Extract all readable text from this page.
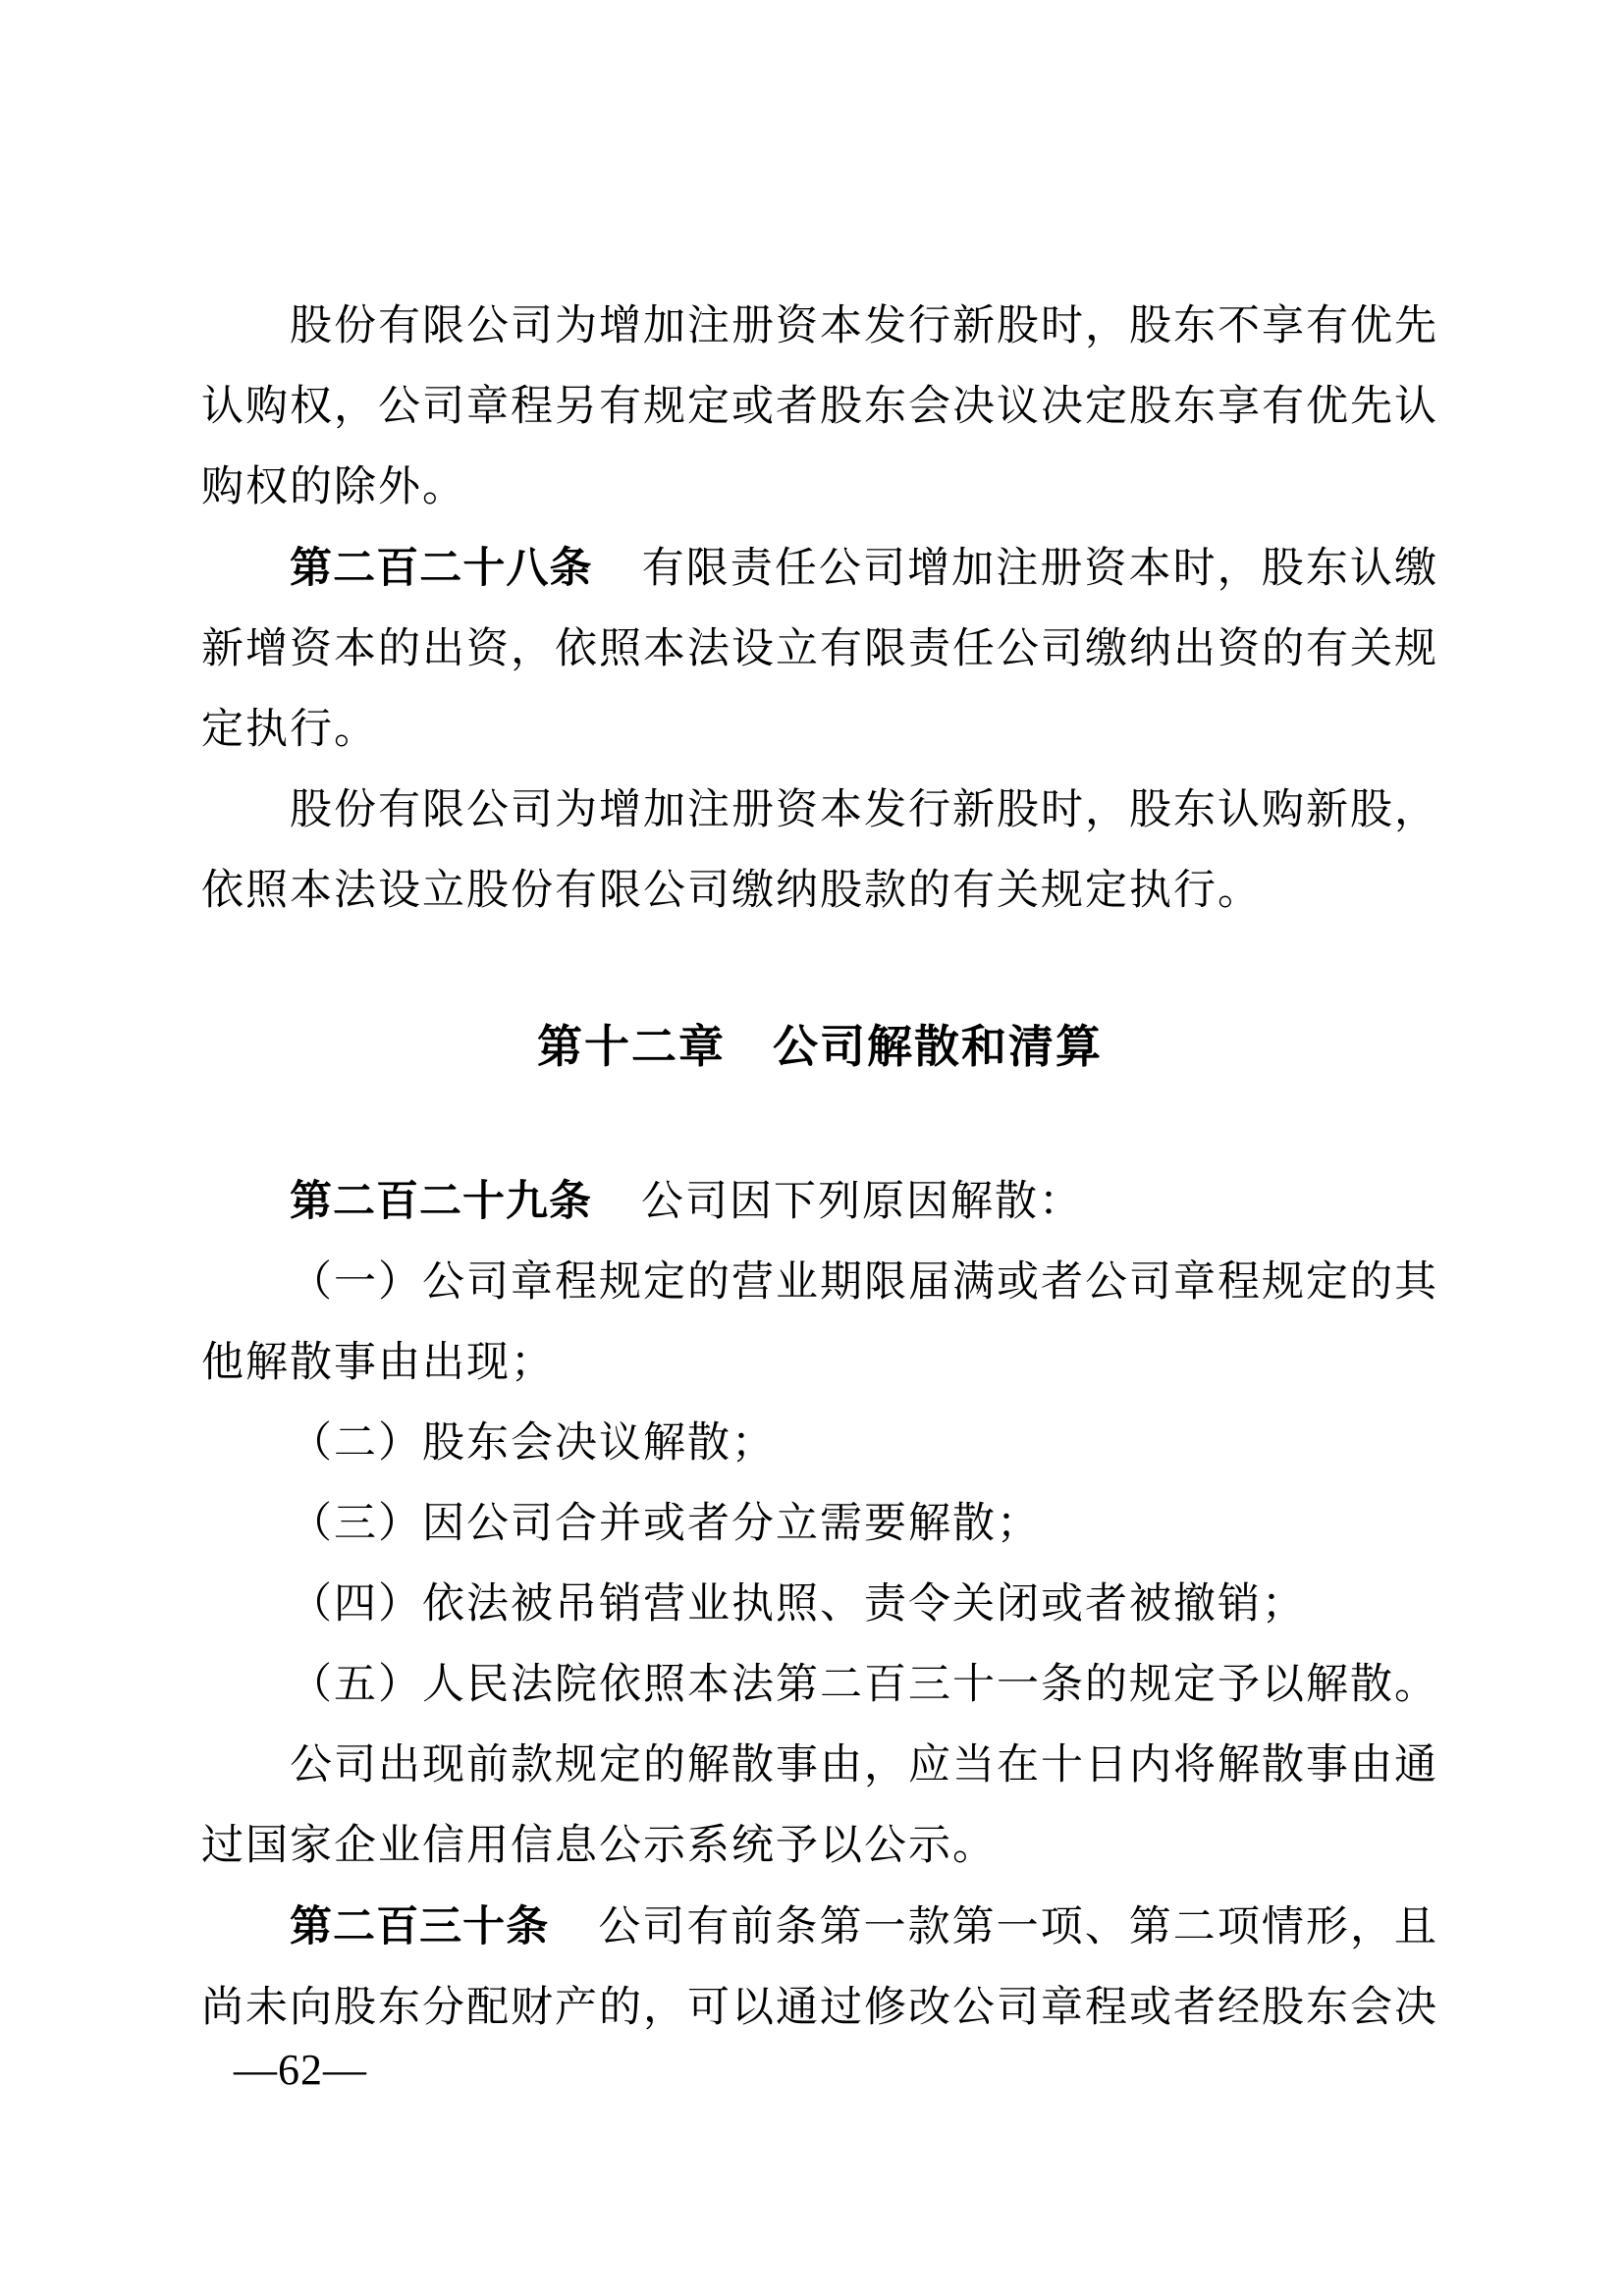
股份有限公司为增加注册资本发行新股时，股东不享有优先
认购权，公司章程另有规定或者股东会决议决定股东享有优先认
购权的除外。
第二百二十八条 有限责任公司增加注册资本时，股东认缴
新增资本的出资，依照本法设立有限责任公司缴纳出资的有关规
定执行。
股份有限公司为增加注册资本发行新股时，股东认购新股，
依照本法设立股份有限公司缴纳股款的有关规定执行。
第十二章　公司解散和清算
第二百二十九条 公司因下列原因解散：
（一）公司章程规定的营业期限届满或者公司章程规定的其
他解散事由出现；
（二）股东会决议解散；
（三）因公司合并或者分立需要解散；
（四）依法被吊销营业执照、责令关闭或者被撤销；
（五）人民法院依照本法第二百三十一条的规定予以解散。
公司出现前款规定的解散事由，应当在十日内将解散事由通
过国家企业信用信息公示系统予以公示。
第二百三十条 公司有前条第一款第一项、第二项情形，且
尚未向股东分配财产的，可以通过修改公司章程或者经股东会决
—62—
